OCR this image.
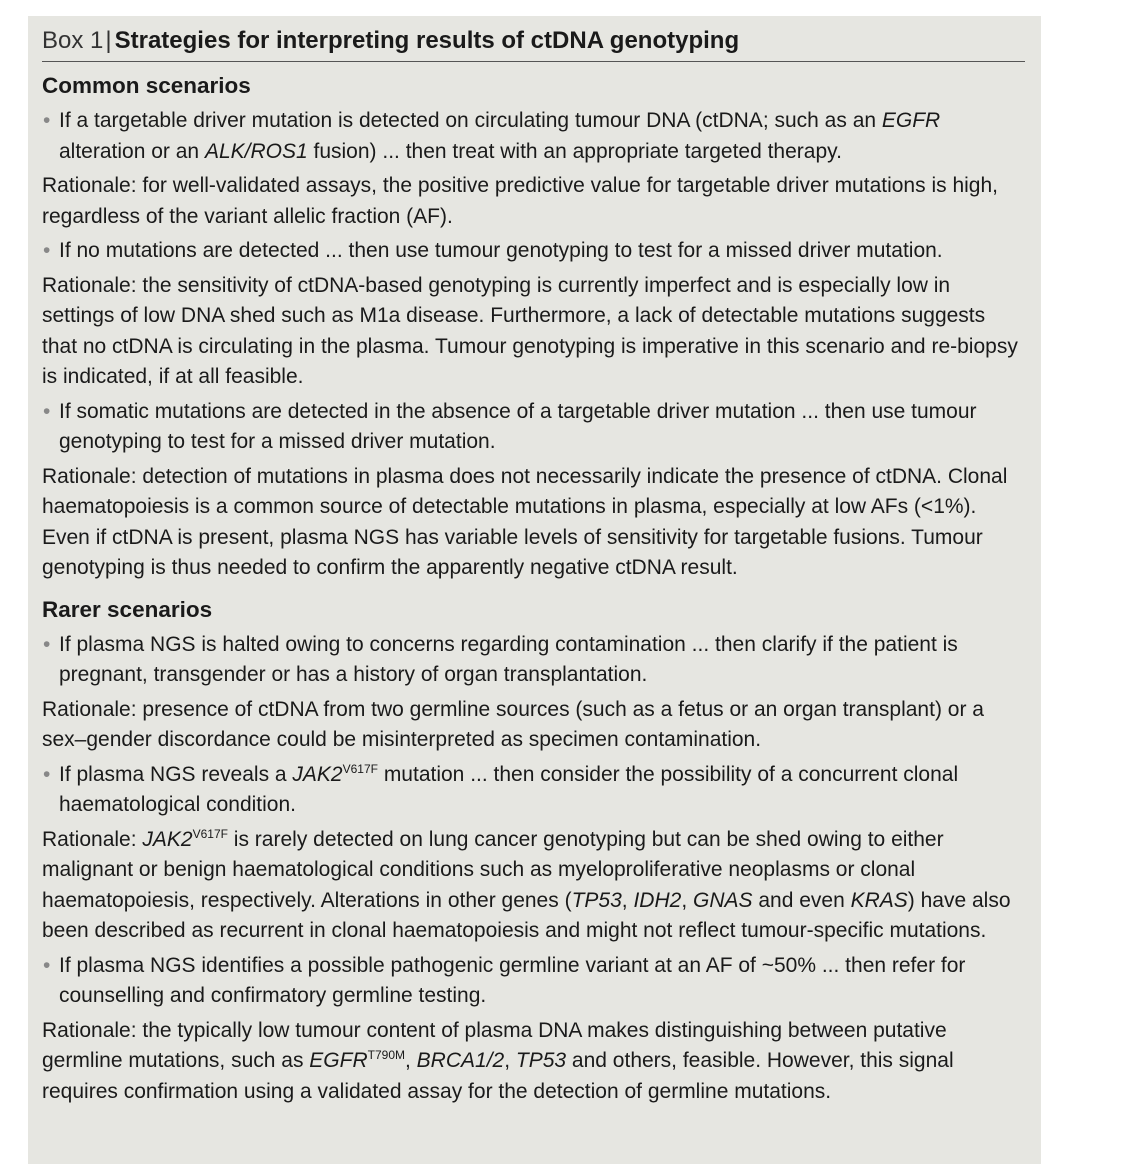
Box 1| Strategies for interpreting results of ctDNA genotyping
Common scenarios
• If a targetable driver mutation is detected on circulating tumour DNA (ctDNA; such as an EGFR alteration or an ALK/ROS1 fusion) ... then treat with an appropriate targeted therapy.
Rationale: for well-validated assays, the positive predictive value for targetable driver mutations is high, regardless of the variant allelic fraction (AF).
• If no mutations are detected ... then use tumour genotyping to test for a missed driver mutation.
Rationale: the sensitivity of ctDNA-based genotyping is currently imperfect and is especially low in settings of low DNA shed such as M1a disease. Furthermore, a lack of detectable mutations suggests that no ctDNA is circulating in the plasma. Tumour genotyping is imperative in this scenario and re-biopsy is indicated, if at all feasible.
• If somatic mutations are detected in the absence of a targetable driver mutation ... then use tumour genotyping to test for a missed driver mutation.
Rationale: detection of mutations in plasma does not necessarily indicate the presence of ctDNA. Clonal haematopoiesis is a common source of detectable mutations in plasma, especially at low AFs (<1%). Even if ctDNA is present, plasma NGS has variable levels of sensitivity for targetable fusions. Tumour genotyping is thus needed to confirm the apparently negative ctDNA result.
Rarer scenarios
• If plasma NGS is halted owing to concerns regarding contamination ... then clarify if the patient is pregnant, transgender or has a history of organ transplantation.
Rationale: presence of ctDNA from two germline sources (such as a fetus or an organ transplant) or a sex–gender discordance could be misinterpreted as specimen contamination.
• If plasma NGS reveals a $JAK2^{V617F}$ mutation ... then consider the possibility of a concurrent clonal haematological condition.
Rationale: $JAK2^{V617F}$ is rarely detected on lung cancer genotyping but can be shed owing to either malignant or benign haematological conditions such as myeloproliferative neoplasms or clonal haematopoiesis, respectively. Alterations in other genes (TP53, IDH2, GNAS and even KRAS) have also been described as recurrent in clonal haematopoiesis and might not reflect tumour-specific mutations.
• If plasma NGS identifies a possible pathogenic germline variant at an AF of ~50% ... then refer for counselling and confirmatory germline testing.
Rationale: the typically low tumour content of plasma DNA makes distinguishing between putative germline mutations, such as $EGFR^{T790M}$, BRCA1/2, TP53 and others, feasible. However, this signal requires confirmation using a validated assay for the detection of germline mutations.
